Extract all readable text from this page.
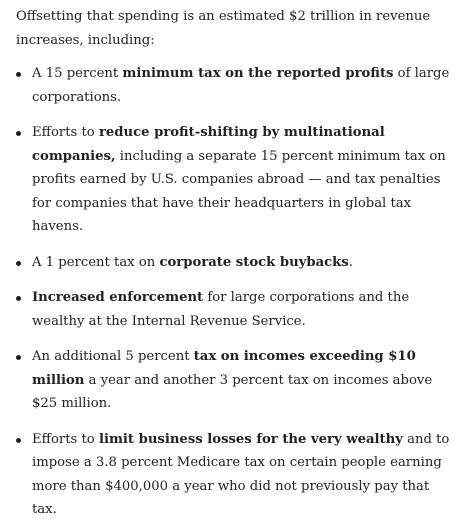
Offsetting that spending is an estimated $2 trillion in revenue increases, including:

A 15 percent minimum tax on the reported profits of large corporations.
Efforts to reduce profit-shifting by multinational companies, including a separate 15 percent minimum tax on profits earned by U.S. companies abroad — and tax penalties for companies that have their headquarters in global tax havens.
A 1 percent tax on corporate stock buybacks.
Increased enforcement for large corporations and the wealthy at the Internal Revenue Service.
An additional 5 percent tax on incomes exceeding $10 million a year and another 3 percent tax on incomes above $25 million.
Efforts to limit business losses for the very wealthy and to impose a 3.8 percent Medicare tax on certain people earning more than $400,000 a year who did not previously pay that tax.
